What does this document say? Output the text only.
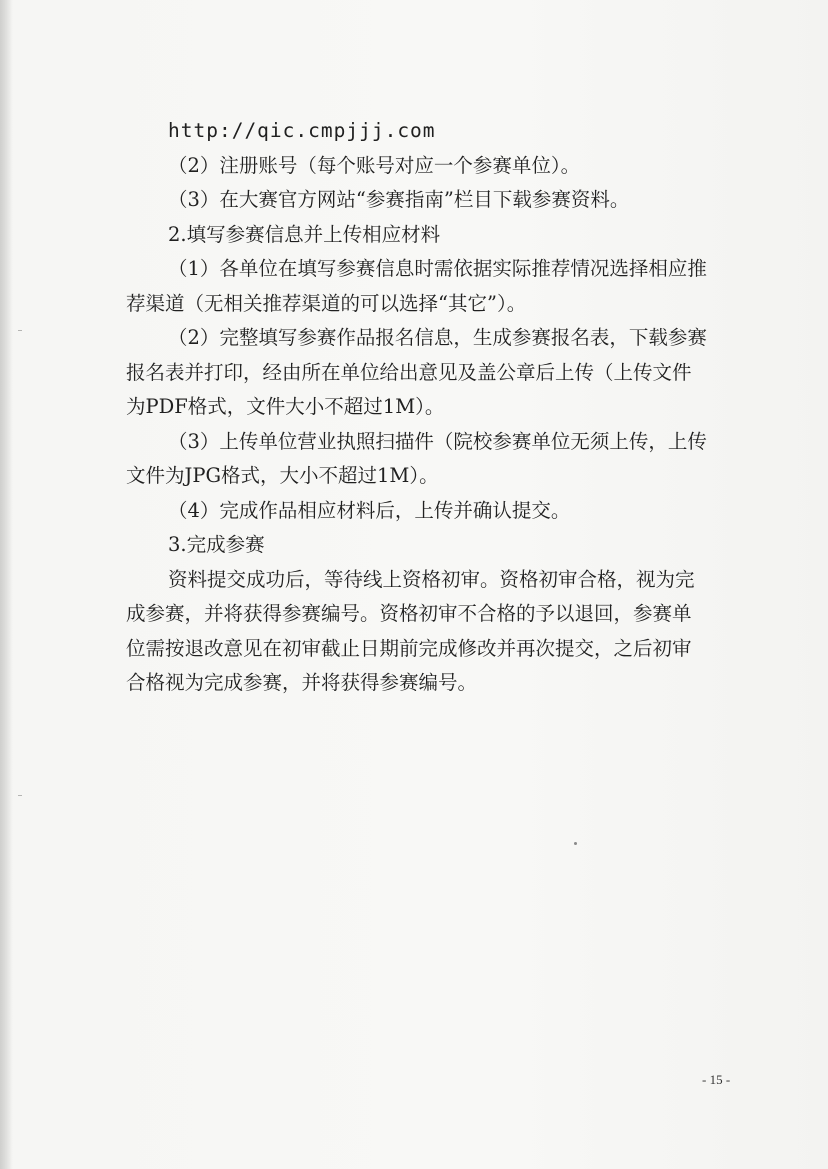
http://qic.cmpjjj.com
（2）注册账号（每个账号对应一个参赛单位）。
（3）在大赛官方网站“参赛指南”栏目下载参赛资料。
2.填写参赛信息并上传相应材料
（1）各单位在填写参赛信息时需依据实际推荐情况选择相应推
荐渠道（无相关推荐渠道的可以选择“其它”）。
（2）完整填写参赛作品报名信息，生成参赛报名表，下载参赛
报名表并打印，经由所在单位给出意见及盖公章后上传（上传文件
为PDF格式，文件大小不超过1M）。
（3）上传单位营业执照扫描件（院校参赛单位无须上传，上传
文件为JPG格式，大小不超过1M）。
（4）完成作品相应材料后，上传并确认提交。
3.完成参赛
资料提交成功后，等待线上资格初审。资格初审合格，视为完
成参赛，并将获得参赛编号。资格初审不合格的予以退回，参赛单
位需按退改意见在初审截止日期前完成修改并再次提交，之后初审
合格视为完成参赛，并将获得参赛编号。
- 15 -
